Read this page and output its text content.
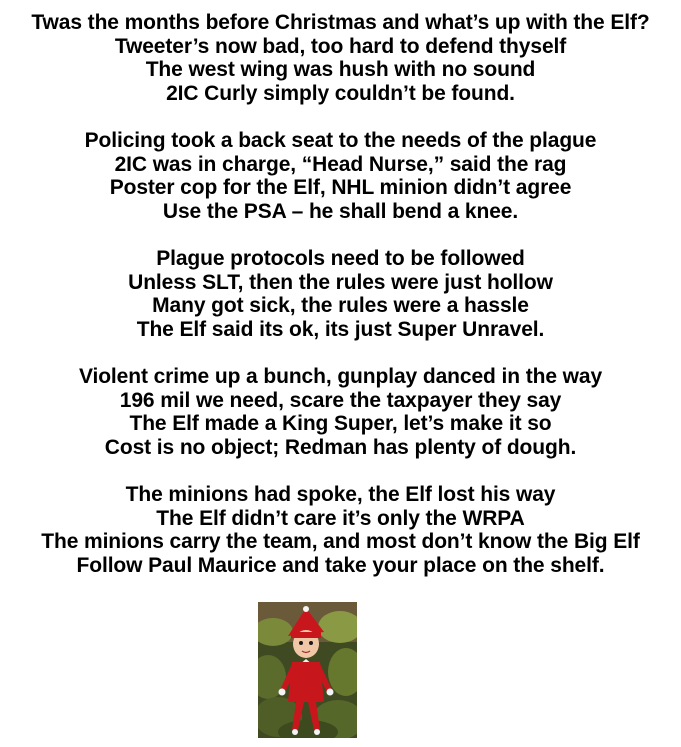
Twas the months before Christmas and what’s up with the Elf?
Tweeter’s now bad, too hard to defend thyself
The west wing was hush with no sound
2IC Curly simply couldn’t be found.
Policing took a back seat to the needs of the plague
2IC was in charge, “Head Nurse,” said the rag
Poster cop for the Elf, NHL minion didn’t agree
Use the PSA – he shall bend a knee.
Plague protocols need to be followed
Unless SLT, then the rules were just hollow
Many got sick, the rules were a hassle
The Elf said its ok, its just Super Unravel.
Violent crime up a bunch, gunplay danced in the way
196 mil we need, scare the taxpayer they say
The Elf made a King Super, let’s make it so
Cost is no object; Redman has plenty of dough.
The minions had spoke, the Elf lost his way
The Elf didn’t care it’s only the WRPA
The minions carry the team, and most don’t know the Big Elf
Follow Paul Maurice and take your place on the shelf.
